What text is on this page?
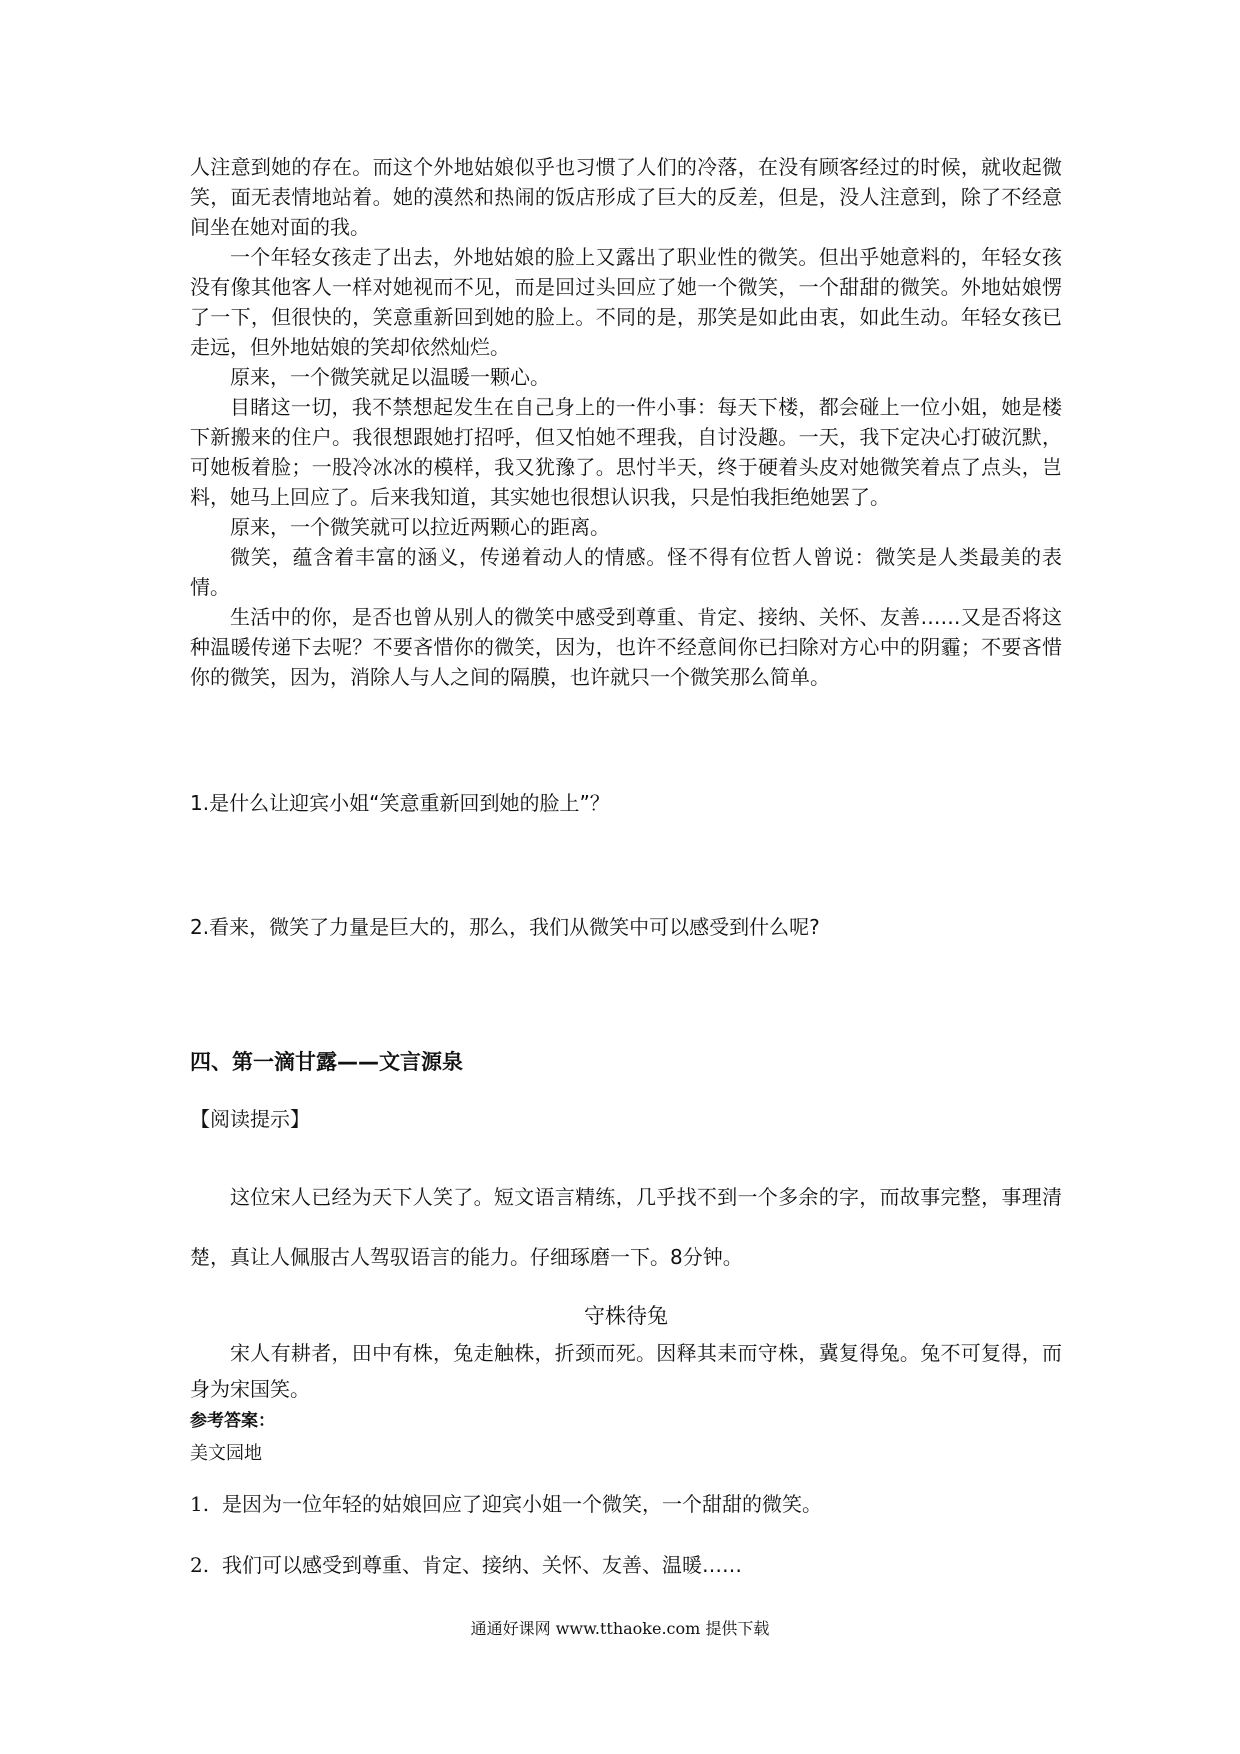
人注意到她的存在。而这个外地姑娘似乎也习惯了人们的冷落，在没有顾客经过的时候，就收起微笑，面无表情地站着。她的漠然和热闹的饭店形成了巨大的反差，但是，没人注意到，除了不经意间坐在她对面的我。

一个年轻女孩走了出去，外地姑娘的脸上又露出了职业性的微笑。但出乎她意料的，年轻女孩没有像其他客人一样对她视而不见，而是回过头回应了她一个微笑，一个甜甜的微笑。外地姑娘愣了一下，但很快的，笑意重新回到她的脸上。不同的是，那笑是如此由衷，如此生动。年轻女孩已走远，但外地姑娘的笑却依然灿烂。

原来，一个微笑就足以温暖一颗心。

目睹这一切，我不禁想起发生在自己身上的一件小事：每天下楼，都会碰上一位小姐，她是楼下新搬来的住户。我很想跟她打招呼，但又怕她不理我，自讨没趣。一天，我下定决心打破沉默，可她板着脸；一股冷冰冰的模样，我又犹豫了。思忖半天，终于硬着头皮对她微笑着点了点头，岂料，她马上回应了。后来我知道，其实她也很想认识我，只是怕我拒绝她罢了。

原来，一个微笑就可以拉近两颗心的距离。

微笑，蕴含着丰富的涵义，传递着动人的情感。怪不得有位哲人曾说：微笑是人类最美的表情。

生活中的你，是否也曾从别人的微笑中感受到尊重、肯定、接纳、关怀、友善……又是否将这种温暖传递下去呢？不要吝惜你的微笑，因为，也许不经意间你已扫除对方心中的阴霾；不要吝惜你的微笑，因为，消除人与人之间的隔膜，也许就只一个微笑那么简单。

1.是什么让迎宾小姐“笑意重新回到她的脸上”？

2.看来，微笑了力量是巨大的，那么，我们从微笑中可以感受到什么呢?

四、第一滴甘露——文言源泉

【阅读提示】

这位宋人已经为天下人笑了。短文语言精练，几乎找不到一个多余的字，而故事完整，事理清楚，真让人佩服古人驾驭语言的能力。仔细琢磨一下。8分钟。

守株待兔

宋人有耕者，田中有株，兔走触株，折颈而死。因释其耒而守株，冀复得兔。兔不可复得，而身为宋国笑。

参考答案：

美文园地

1. 是因为一位年轻的姑娘回应了迎宾小姐一个微笑，一个甜甜的微笑。

2. 我们可以感受到尊重、肯定、接纳、关怀、友善、温暖……

通通好课网 www.tthaoke.com 提供下载
